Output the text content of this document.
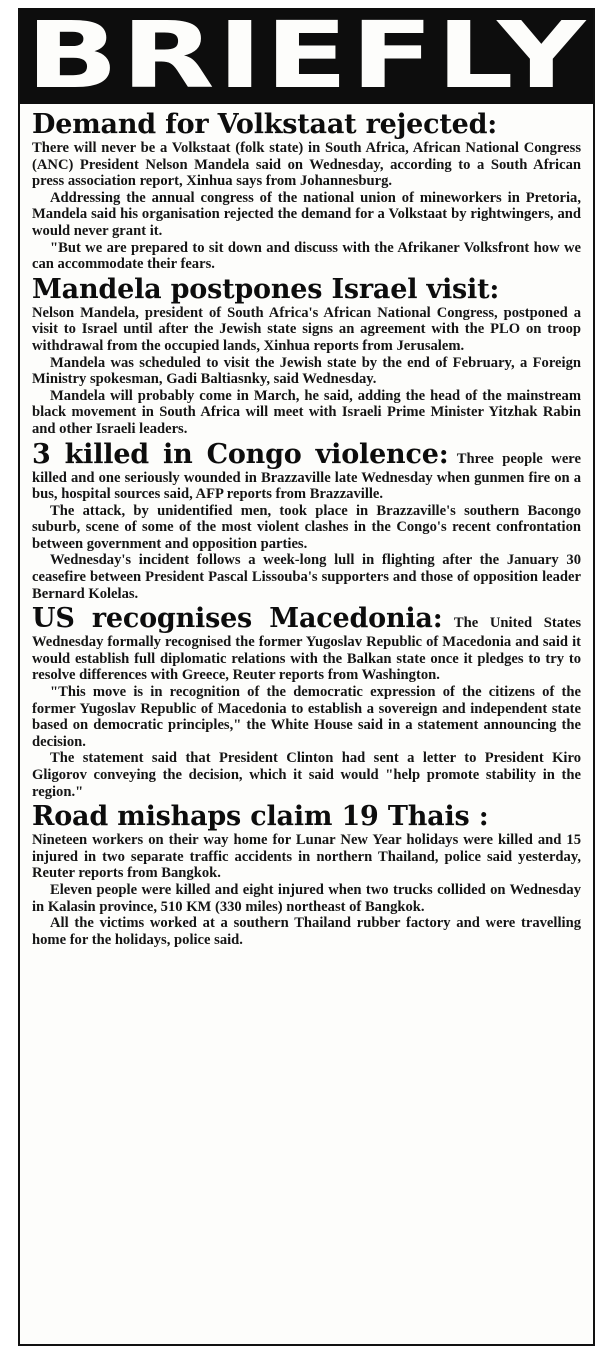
BRIEFLY
Demand for Volkstaat rejected:

There will never be a Volkstaat (folk state) in South Africa, African National Congress (ANC) President Nelson Mandela said on Wednesday, according to a South African press association report, Xinhua says from Johannesburg.

Addressing the annual congress of the national union of mineworkers in Pretoria, Mandela said his organisation rejected the demand for a Volkstaat by rightwingers, and would never grant it.

"But we are prepared to sit down and discuss with the Afrikaner Volksfront how we can accommodate their fears.

Mandela postpones Israel visit:

Nelson Mandela, president of South Africa's African National Congress, postponed a visit to Israel until after the Jewish state signs an agreement with the PLO on troop withdrawal from the occupied lands, Xinhua reports from Jerusalem.

Mandela was scheduled to visit the Jewish state by the end of February, a Foreign Ministry spokesman, Gadi Baltiasnky, said Wednesday.

Mandela will probably come in March, he said, adding the head of the mainstream black movement in South Africa will meet with Israeli Prime Minister Yitzhak Rabin and other Israeli leaders.

3 killed in Congo violence: Three people were killed and one seriously wounded in Brazzaville late Wednesday when gunmen fire on a bus, hospital sources said, AFP reports from Brazzaville.

The attack, by unidentified men, took place in Brazzaville's southern Bacongo suburb, scene of some of the most violent clashes in the Congo's recent confrontation between government and opposition parties.

Wednesday's incident follows a week-long lull in flighting after the January 30 ceasefire between President Pascal Lissouba's supporters and those of opposition leader Bernard Kolelas.

US recognises Macedonia: The United States Wednesday formally recognised the former Yugoslav Republic of Macedonia and said it would establish full diplomatic relations with the Balkan state once it pledges to try to resolve differences with Greece, Reuter reports from Washington.

"This move is in recognition of the democratic expression of the citizens of the former Yugoslav Republic of Macedonia to establish a sovereign and independent state based on democratic principles," the White House said in a statement announcing the decision.

The statement said that President Clinton had sent a letter to President Kiro Gligorov conveying the decision, which it said would "help promote stability in the region."

Road mishaps claim 19 Thais :

Nineteen workers on their way home for Lunar New Year holidays were killed and 15 injured in two separate traffic accidents in northern Thailand, police said yesterday, Reuter reports from Bangkok.

Eleven people were killed and eight injured when two trucks collided on Wednesday in Kalasin province, 510 KM (330 miles) northeast of Bangkok.

All the victims worked at a southern Thailand rubber factory and were travelling home for the holidays, police said.
